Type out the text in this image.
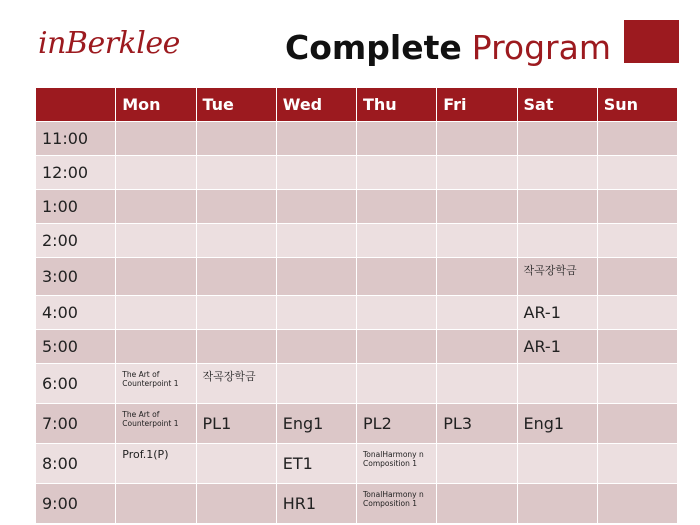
inBerklee	Complete Program
	Mon	Tue	Wed	Thu	Fri	Sat	Sun
11:00							
12:00							
1:00							
2:00							
3:00						작곡장학금	
4:00						AR-1	
5:00						AR-1	
6:00	The Art of Counterpoint 1	작곡장학금					
7:00	The Art of Counterpoint 1	PL1	Eng1	PL2	PL3	Eng1	
8:00	Prof.1(P)		ET1	TonalHarmony n Composition 1			
9:00			HR1	TonalHarmony n Composition 1			
